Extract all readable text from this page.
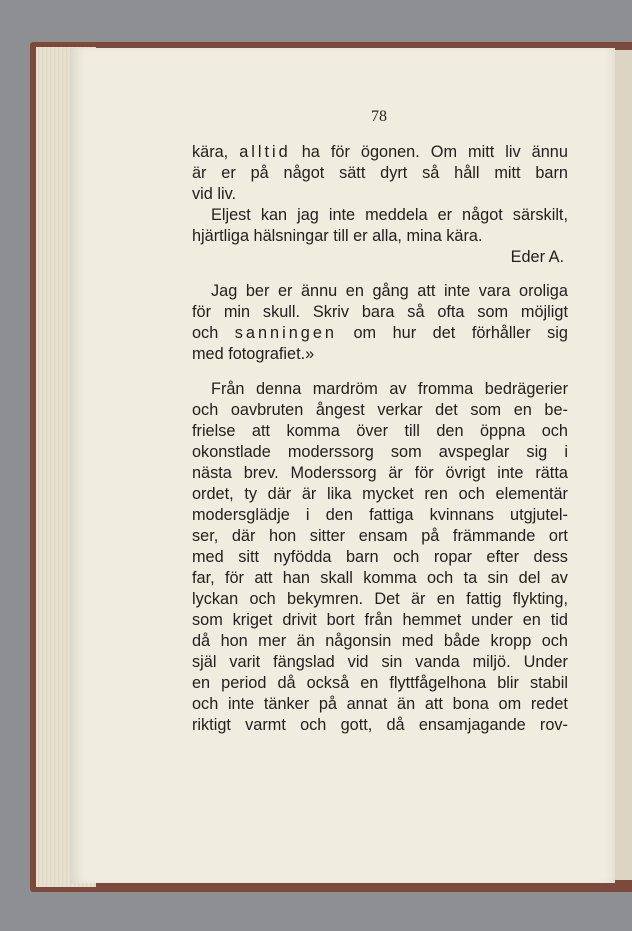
78
kära, alltid ha för ögonen. Om mitt liv ännu
är er på något sätt dyrt så håll mitt barn
vid liv.
Eljest kan jag inte meddela er något särskilt,
hjärtliga hälsningar till er alla, mina kära.
Eder A.
Jag ber er ännu en gång att inte vara oroliga
för min skull. Skriv bara så ofta som möjligt
och sanningen om hur det förhåller sig
med fotografiet.»
Från denna mardröm av fromma bedrägerier
och oavbruten ångest verkar det som en be-
frielse att komma över till den öppna och
okonstlade moderssorg som avspeglar sig i
nästa brev. Moderssorg är för övrigt inte rätta
ordet, ty där är lika mycket ren och elementär
modersglädje i den fattiga kvinnans utgjutel-
ser, där hon sitter ensam på främmande ort
med sitt nyfödda barn och ropar efter dess
far, för att han skall komma och ta sin del av
lyckan och bekymren. Det är en fattig flykting,
som kriget drivit bort från hemmet under en tid
då hon mer än någonsin med både kropp och
själ varit fängslad vid sin vanda miljö. Under
en period då också en flyttfågelhona blir stabil
och inte tänker på annat än att bona om redet
riktigt varmt och gott, då ensamjagande rov-
